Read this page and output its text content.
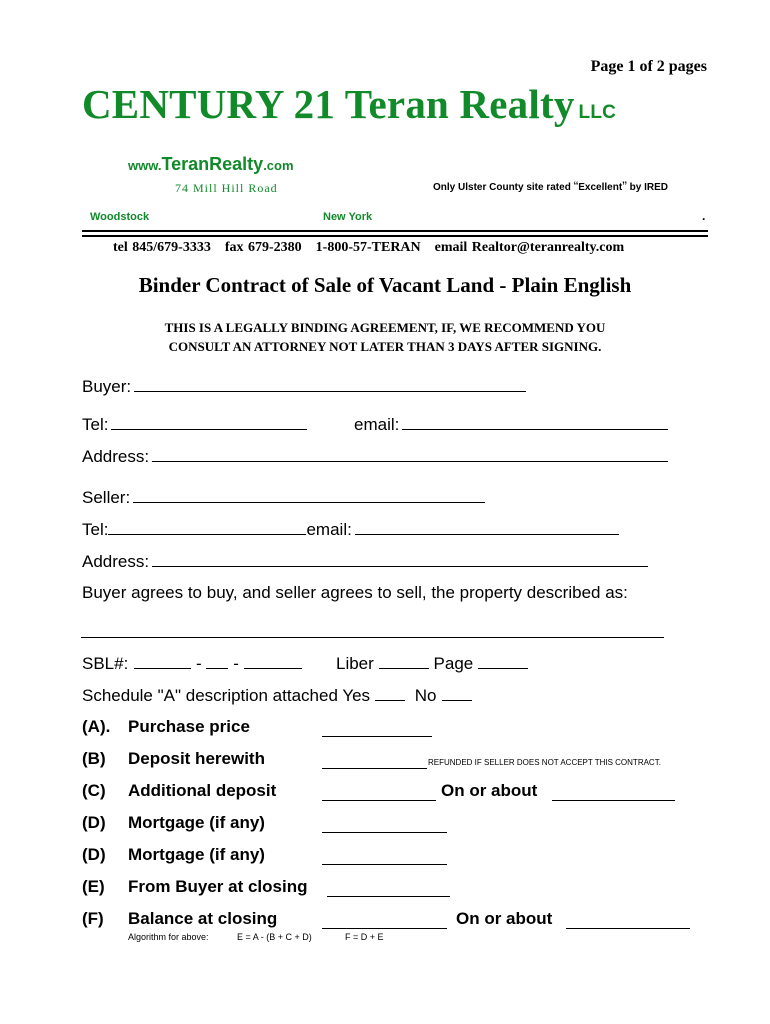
Page 1 of 2 pages
CENTURY 21 Teran Realty LLC
www.TeranRealty.com
74 Mill Hill Road	Only Ulster County site rated “Excellent” by IRED
Woodstock	New York	.
tel 845/679-3333 fax 679-2380 1-800-57-TERAN email Realtor@teranrealty.com
Binder Contract of Sale of Vacant Land - Plain English
THIS IS A LEGALLY BINDING AGREEMENT, IF, WE RECOMMEND YOU
CONSULT AN ATTORNEY NOT LATER THAN 3 DAYS AFTER SIGNING.
Buyer:
Tel:	email:
Address:
Seller:
Tel:	email:
Address:
Buyer agrees to buy, and seller agrees to sell, the property described as:
SBL#:	- -	Liber	Page
Schedule "A" description attached Yes	No
(A). Purchase price
(B) Deposit herewith	REFUNDED IF SELLER DOES NOT ACCEPT THIS CONTRACT.
(C) Additional deposit	On or about
(D) Mortgage (if any)
(D) Mortgage (if any)
(E) From Buyer at closing
(F) Balance at closing	On or about
Algorithm for above:	E = A - (B + C + D)	F = D + E
